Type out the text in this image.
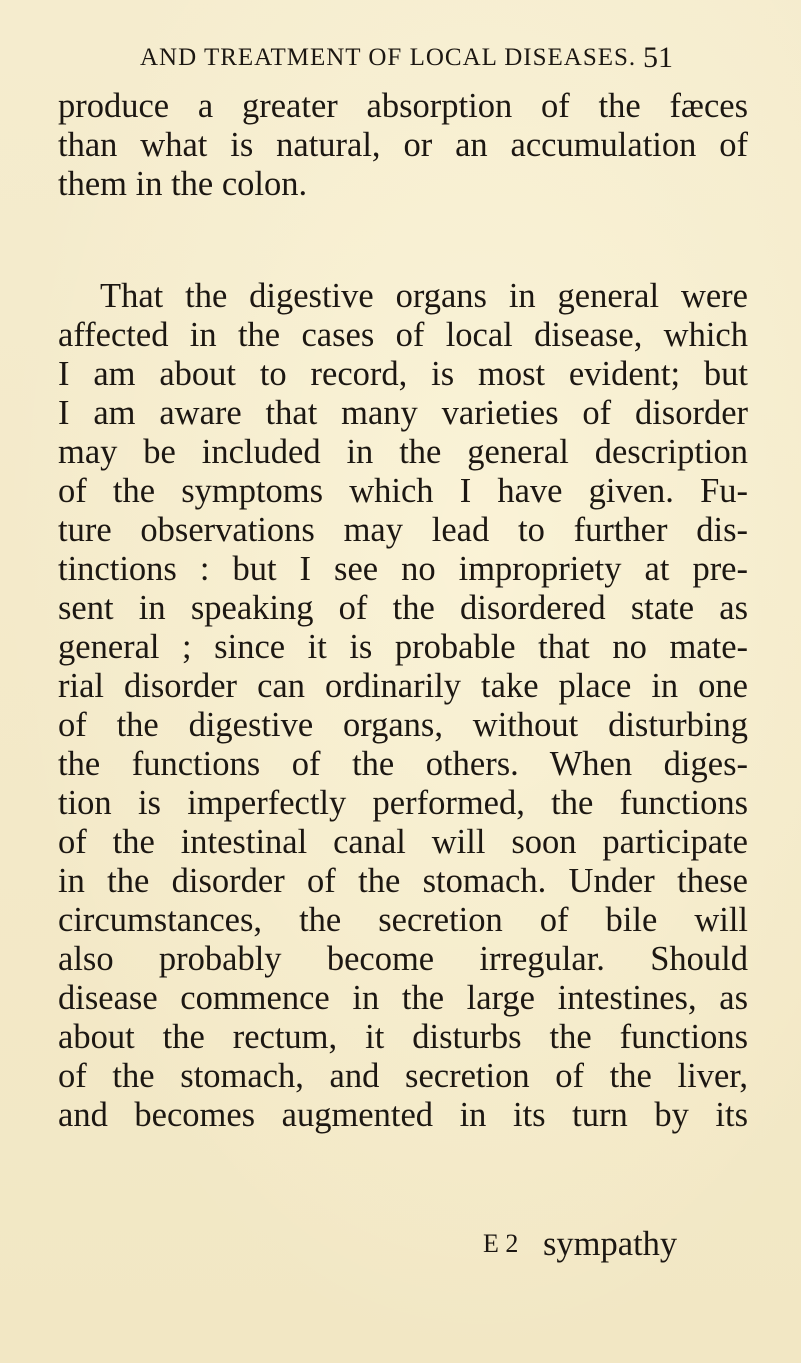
AND TREATMENT OF LOCAL DISEASES. 51
produce a greater absorption of the fæces
than what is natural, or an accumulation of
them in the colon.
That the digestive organs in general were
affected in the cases of local disease, which
I am about to record, is most evident; but
I am aware that many varieties of disorder
may be included in the general description
of the symptoms which I have given. Fu-
ture observations may lead to further dis-
tinctions : but I see no impropriety at pre-
sent in speaking of the disordered state as
general ; since it is probable that no mate-
rial disorder can ordinarily take place in one
of the digestive organs, without disturbing
the functions of the others. When diges-
tion is imperfectly performed, the functions
of the intestinal canal will soon participate
in the disorder of the stomach. Under these
circumstances, the secretion of bile will
also probably become irregular. Should
disease commence in the large intestines, as
about the rectum, it disturbs the functions
of the stomach, and secretion of the liver,
and becomes augmented in its turn by its
E 2 sympathy
